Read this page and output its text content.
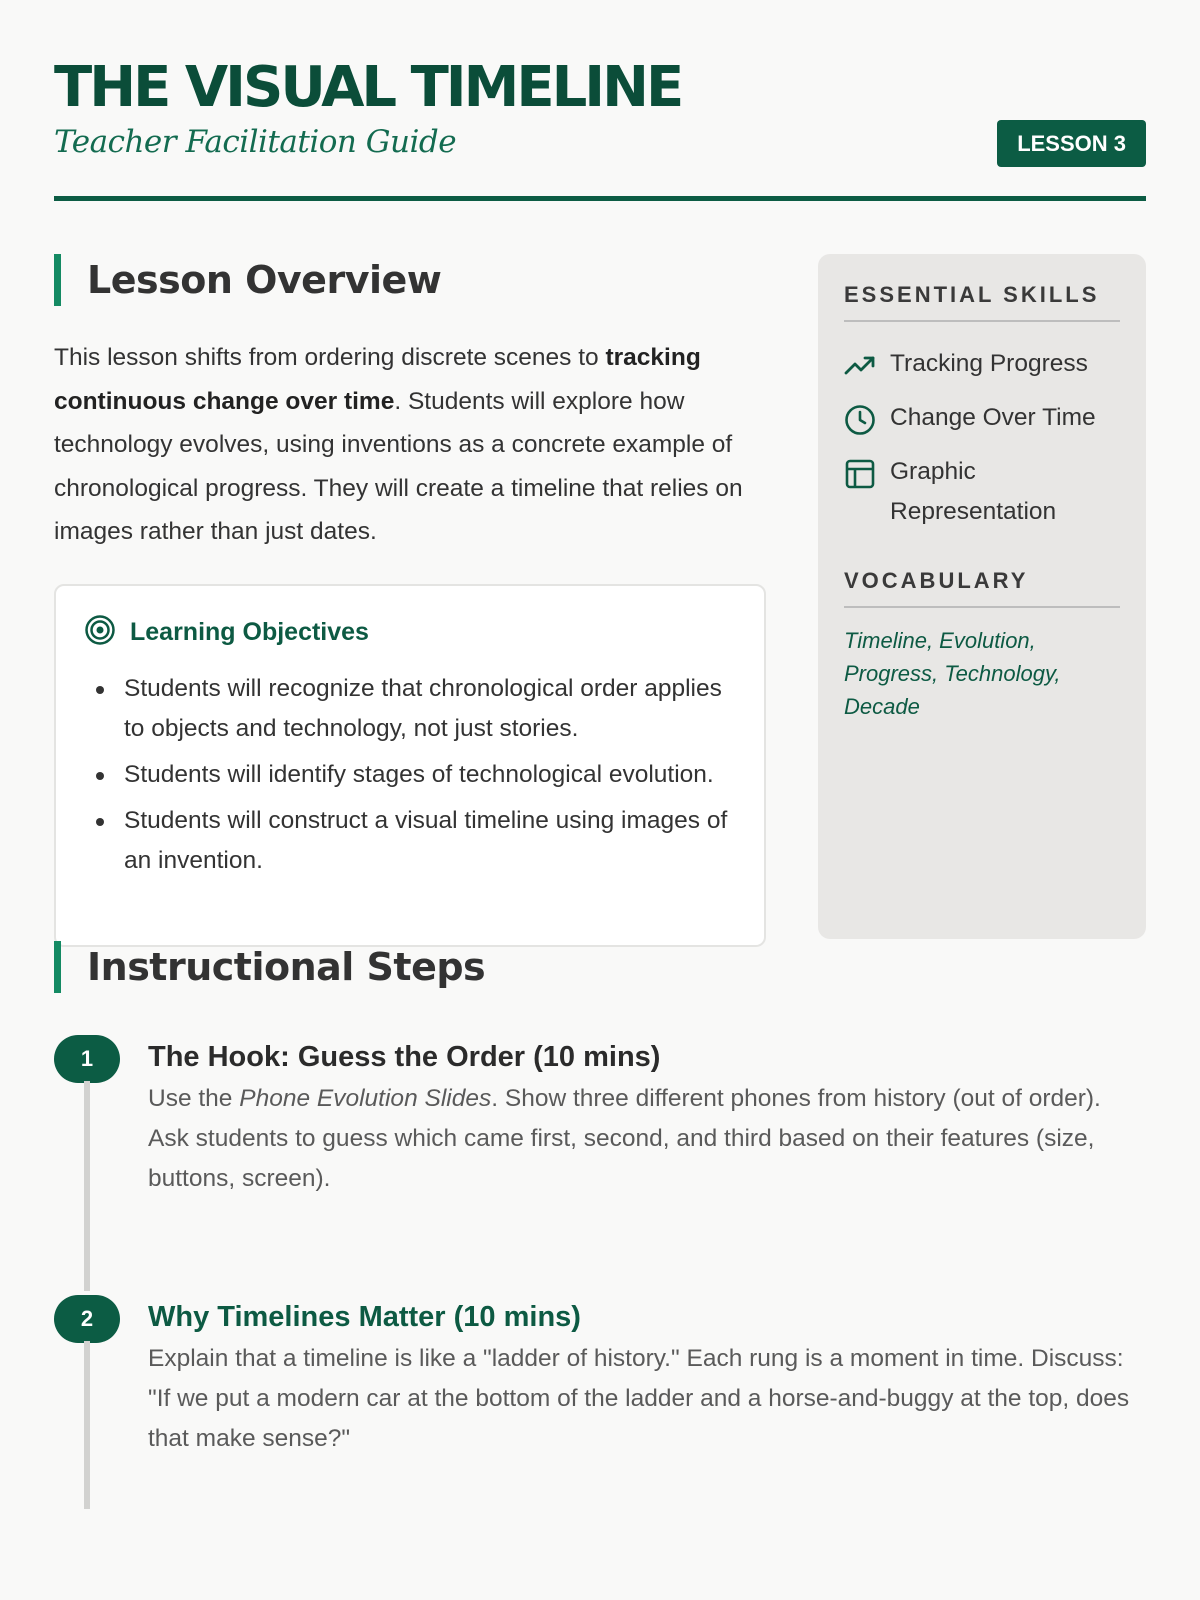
THE VISUAL TIMELINE
Teacher Facilitation Guide	LESSON 3
Lesson Overview

This lesson shifts from ordering discrete scenes to tracking continuous change over time. Students will explore how technology evolves, using inventions as a concrete example of chronological progress. They will create a timeline that relies on images rather than just dates.

Learning Objectives
Students will recognize that chronological order applies to objects and technology, not just stories.
Students will identify stages of technological evolution.
Students will construct a visual timeline using images of an invention.
ESSENTIAL SKILLS
Tracking Progress
Change Over Time
Graphic Representation
VOCABULARY
Timeline, Evolution, Progress, Technology, Decade
Instructional Steps
1	The Hook: Guess the Order (10 mins)

Use the Phone Evolution Slides. Show three different phones from history (out of order). Ask students to guess which came first, second, and third based on their features (size, buttons, screen).

2	Why Timelines Matter (10 mins)

Explain that a timeline is like a "ladder of history." Each rung is a moment in time. Discuss: "If we put a modern car at the bottom of the ladder and a horse-and-buggy at the top, does that make sense?"
